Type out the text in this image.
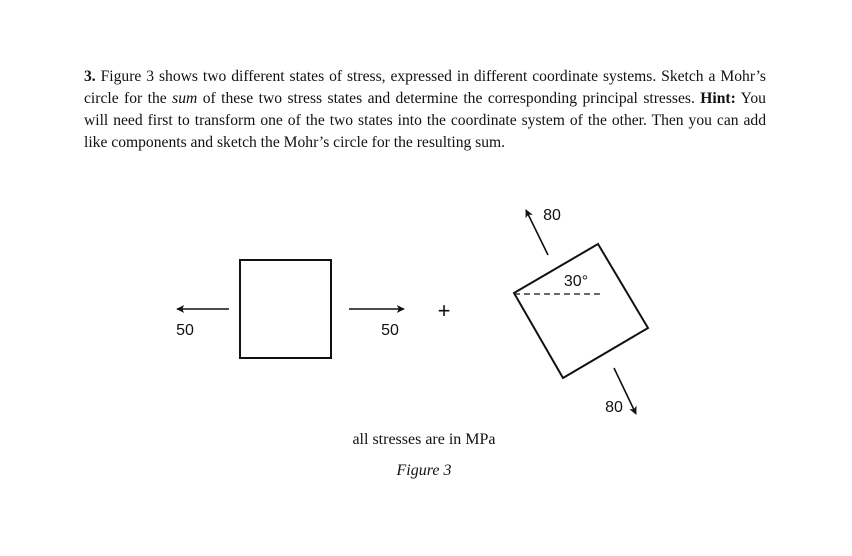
3. Figure 3 shows two different states of stress, expressed in different coordinate systems. Sketch a Mohr’s circle for the sum of these two stress states and determine the corresponding principal stresses. Hint: You will need first to transform one of the two states into the coordinate system of the other. Then you can add like components and sketch the Mohr’s circle for the resulting sum.

50	50
+
30°
80
80
all stresses are in MPa
Figure 3
